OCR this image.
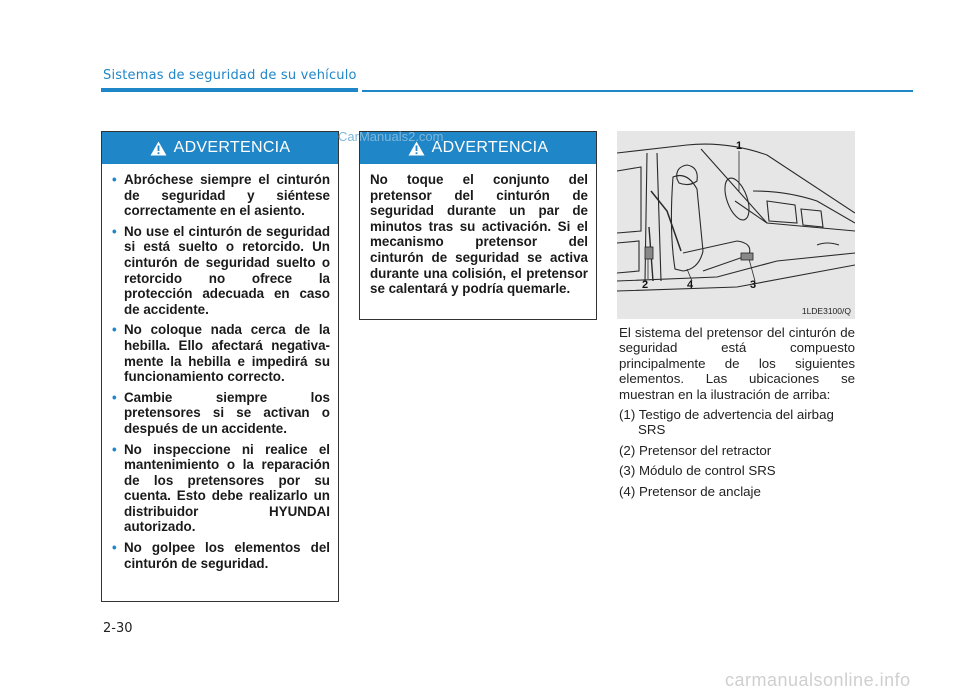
Sistemas de seguridad de su vehículo
ADVERTENCIA
• Abróchese siempre el cinturón de seguridad y siéntese correctamente en el asiento.
• No use el cinturón de seguridad si está suelto o retorcido. Un cinturón de seguridad suelto o retorcido no ofrece la protección adecuada en caso de accidente.
• No coloque nada cerca de la hebilla. Ello afectará negativa- mente la hebilla e impedirá su funcionamiento correcto.
• Cambie siempre los pretensores si se activan o después de un accidente.
• No inspeccione ni realice el mantenimiento o la reparación de los pretensores por su cuenta. Esto debe realizarlo un distribuidor HYUNDAI autorizado.
• No golpee los elementos del cinturón de seguridad.
ADVERTENCIA

No toque el conjunto del pretensor del cinturón de seguridad durante un par de minutos tras su activación. Si el mecanismo pretensor del cinturón de seguridad se activa durante una colisión, el pretensor se calentará y podría quemarle.

CarManuals2.com
1
2	4	3
1LDE3100/Q

El sistema del pretensor del cinturón de seguridad está compuesto principalmente de los siguientes elementos. Las ubicaciones se muestran en la ilustración de arriba:

(1) Testigo de advertencia del airbag SRS

(2) Pretensor del retractor

(3) Módulo de control SRS

(4) Pretensor de anclaje

2-30
carmanualsonline.info
